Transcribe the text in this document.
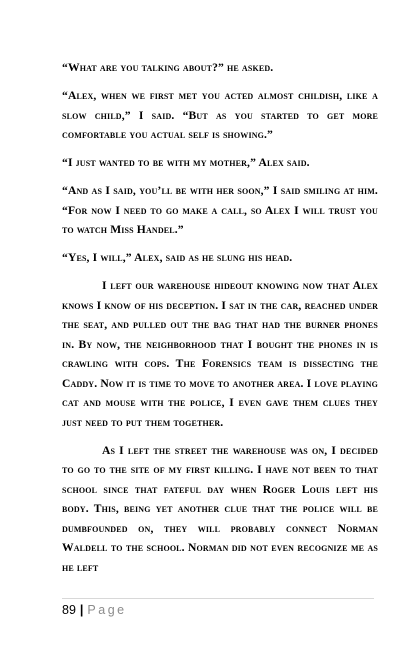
“What are you talking about?” he asked.

“Alex, when we first met you acted almost childish, like a slow child,” I said. “But as you started to get more comfortable you actual self is showing.”

“I just wanted to be with my mother,” Alex said.

“And as I said, you’ll be with her soon,” I said smiling at him. “For now I need to go make a call, so Alex I will trust you to watch Miss Handel.”

“Yes, I will,” Alex, said as he slung his head.

I left our warehouse hideout knowing now that Alex knows I know of his deception. I sat in the car, reached under the seat, and pulled out the bag that had the burner phones in. By now, the neighborhood that I bought the phones in is crawling with cops. The Forensics team is dissecting the Caddy. Now it is time to move to another area. I love playing cat and mouse with the police, I even gave them clues they just need to put them together.

As I left the street the warehouse was on, I decided to go to the site of my first killing. I have not been to that school since that fateful day when Roger Louis left his body. This, being yet another clue that the police will be dumbfounded on, they will probably connect Norman Waldell to the school. Norman did not even recognize me as he left

89 | Page
